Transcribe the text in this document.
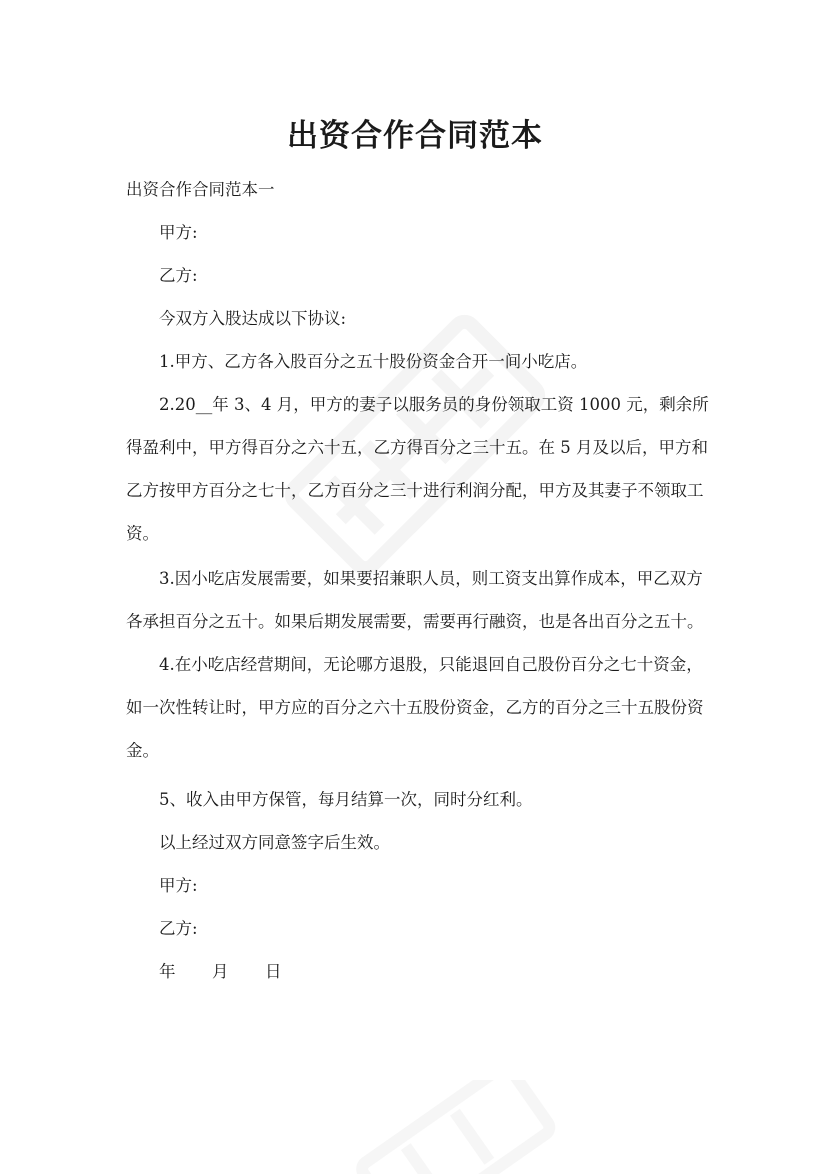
出资合作合同范本

出资合作合同范本一

甲方:

乙方:

今双方入股达成以下协议:

1.甲方、乙方各入股百分之五十股份资金合开一间小吃店。

2.20__年 3、4 月，甲方的妻子以服务员的身份领取工资 1000 元，剩余所得盈利中，甲方得百分之六十五，乙方得百分之三十五。在 5 月及以后，甲方和乙方按甲方百分之七十，乙方百分之三十进行利润分配，甲方及其妻子不领取工资。

3.因小吃店发展需要，如果要招兼职人员，则工资支出算作成本，甲乙双方各承担百分之五十。如果后期发展需要，需要再行融资，也是各出百分之五十。

4.在小吃店经营期间，无论哪方退股，只能退回自己股份百分之七十资金，如一次性转让时，甲方应的百分之六十五股份资金，乙方的百分之三十五股份资金。

5、收入由甲方保管，每月结算一次，同时分红利。

以上经过双方同意签字后生效。

甲方:

乙方:

年	月	日
